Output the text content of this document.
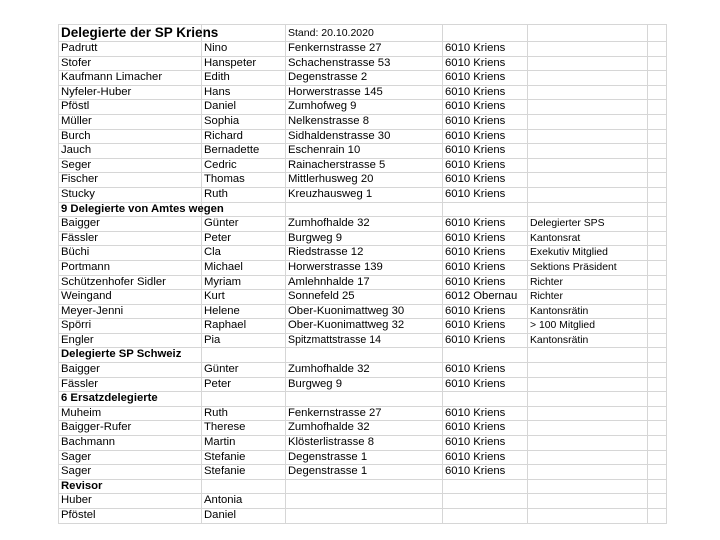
Delegierte der SP Kriens		Stand: 20.10.2020			
Padrutt	Nino	Fenkernstrasse 27	6010 Kriens		
Stofer	Hanspeter	Schachenstrasse 53	6010 Kriens		
Kaufmann Limacher	Edith	Degenstrasse 2	6010 Kriens		
Nyfeler-Huber	Hans	Horwerstrasse 145	6010 Kriens		
Pföstl	Daniel	Zumhofweg 9	6010 Kriens		
Müller	Sophia	Nelkenstrasse 8	6010 Kriens		
Burch	Richard	Sidhaldenstrasse 30	6010 Kriens		
Jauch	Bernadette	Eschenrain 10	6010 Kriens		
Seger	Cedric	Rainacherstrasse 5	6010 Kriens		
Fischer	Thomas	Mittlerhusweg 20	6010 Kriens		
Stucky	Ruth	Kreuzhausweg 1	6010 Kriens		
9 Delegierte von Amtes wegen					
Baigger	Günter	Zumhofhalde 32	6010 Kriens	Delegierter SPS	
Fässler	Peter	Burgweg 9	6010 Kriens	Kantonsrat	
Büchi	Cla	Riedstrasse 12	6010 Kriens	Exekutiv Mitglied	
Portmann	Michael	Horwerstrasse 139	6010 Kriens	Sektions Präsident	
Schützenhofer Sidler	Myriam	Amlehnhalde 17	6010 Kriens	Richter	
Weingand	Kurt	Sonnefeld 25	6012 Obernau	Richter	
Meyer-Jenni	Helene	Ober-Kuonimattweg 30	6010 Kriens	Kantonsrätin	
Spörri	Raphael	Ober-Kuonimattweg 32	6010 Kriens	> 100 Mitglied	
Engler	Pia	Spitzmattstrasse 14	6010 Kriens	Kantonsrätin	
Delegierte SP Schweiz					
Baigger	Günter	Zumhofhalde 32	6010 Kriens		
Fässler	Peter	Burgweg 9	6010 Kriens		
6 Ersatzdelegierte					
Muheim	Ruth	Fenkernstrasse 27	6010 Kriens		
Baigger-Rufer	Therese	Zumhofhalde 32	6010 Kriens		
Bachmann	Martin	Klösterlistrasse 8	6010 Kriens		
Sager	Stefanie	Degenstrasse 1	6010 Kriens		
Sager	Stefanie	Degenstrasse 1	6010 Kriens		
Revisor					
Huber	Antonia				
Pföstel	Daniel				
